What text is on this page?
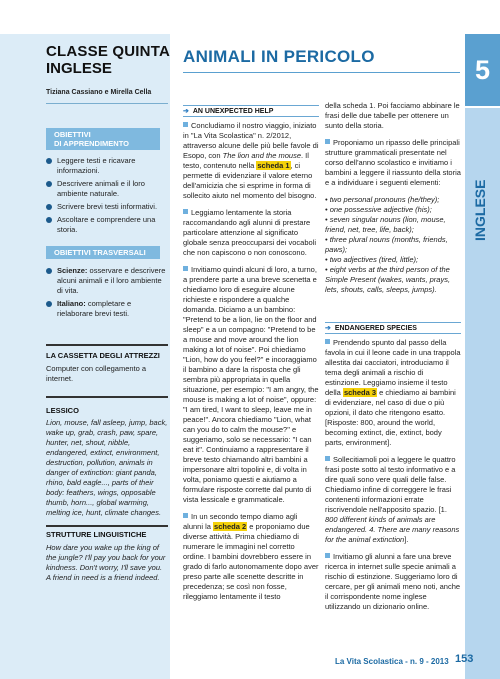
CLASSE QUINTA
INGLESE
Tiziana Cassiano e Mirella Cella
OBIETTIVI
DI APPRENDIMENTO
Leggere testi e ricavare informazioni.
Descrivere animali e il loro ambiente naturale.
Scrivere brevi testi informativi.
Ascoltare e comprendere una storia.
OBIETTIVI TRASVERSALI
Scienze: osservare e descrivere alcuni animali e il loro ambiente di vita.
Italiano: completare e rielaborare brevi testi.
LA CASSETTA DEGLI ATTREZZI
Computer con collegamento a internet.
LESSICO
Lion, mouse, fall asleep, jump, back, wake up, grab, crash, paw, spare, hunter, net, shout, nibble, endangered, extinct, environment, destruction, pollution, animals in danger of extinction: giant panda, rhino, bald eagle..., parts of their body: feathers, wings, opposable thumb, horn..., global warming, melting ice, hunt, climate changes.
STRUTTURE LINGUISTICHE
How dare you wake up the king of the jungle? I'll pay you back for your kindness. Don't worry, I'll save you. A friend in need is a friend indeed.
ANIMALI IN PERICOLO
➔ AN UNEXPECTED HELP

Concludiamo il nostro viaggio, iniziato in "La Vita Scolastica" n. 2/2012, attraverso alcune delle più belle favole di Esopo, con The lion and the mouse. Il testo, contenuto nella scheda 1, ci permette di evidenziare il valore eterno dell'amicizia che si esprime in forma di sollecito aiuto nel momento del bisogno.

Leggiamo lentamente la storia raccomandando agli alunni di prestare particolare attenzione al significato globale senza preoccuparsi dei vocaboli che non capiscono o non conoscono.

Invitiamo quindi alcuni di loro, a turno, a prendere parte a una breve scenetta e chiediamo loro di eseguire alcune richieste e rispondere a qualche domanda. Diciamo a un bambino: "Pretend to be a lion, lie on the floor and sleep" e a un compagno: "Pretend to be a mouse and move around the lion making a lot of noise". Poi chiediamo "Lion, how do you feel?" e incoraggiamo il bambino a dare la risposta che gli sembra più appropriata in quella situazione, per esempio: "I am angry, the mouse is making a lot of noise", oppure: "I am tired, I want to sleep, leave me in peace!". Ancora chiediamo "Lion, what can you do to calm the mouse?" e suggeriamo, solo se necessario: "I can eat it". Continuiamo a rappresentare il breve testo chiamando altri bambini a impersonare altri topolini e, di volta in volta, poniamo questi e aiutiamo a formulare risposte corrette dal punto di vista lessicale e grammaticale.

In un secondo tempo diamo agli alunni la scheda 2 e proponiamo due diverse attività. Prima chiediamo di numerare le immagini nel corretto ordine. I bambini dovrebbero essere in grado di farlo autonomamente dopo aver preso parte alle scenette descritte in precedenza; se così non fosse, rileggiamo lentamente il testo

della scheda 1. Poi facciamo abbinare le frasi delle due tabelle per ottenere un sunto della storia.

Proponiamo un ripasso delle principali strutture grammaticali presentate nel corso dell'anno scolastico e invitiamo i bambini a leggere il riassunto della storia e a individuare i seguenti elementi:

• two personal pronouns (he/they);
• one possessive adjective (his);
• seven singular nouns (lion, mouse, friend, net, tree, life, back);
• three plural nouns (months, friends, paws);
• two adjectives (tired, little);
• eight verbs at the third person of the Simple Present (wakes, wants, prays, lets, shouts, calls, sleeps, jumps).
➔ ENDANGERED SPECIES

Prendendo spunto dal passo della favola in cui il leone cade in una trappola allestita dai cacciatori, introduciamo il tema degli animali a rischio di estinzione. Leggiamo insieme il testo della scheda 3 e chiediamo ai bambini di evidenziare, nel caso di due o più opzioni, il dato che ritengono esatto. [Risposte: 800, around the world, becoming extinct, die, extinct, body parts, environment].

Sollecitiamoli poi a leggere le quattro frasi poste sotto al testo informativo e a dire quali sono vere quali delle false. Chiediamo infine di correggere le frasi contenenti informazioni errate riscrivendole nell'apposito spazio. [1. 800 different kinds of animals are endangered. 4. There are many reasons for the animal extinction].

Invitiamo gli alunni a fare una breve ricerca in internet sulle specie animali a rischio di estinzione. Suggeriamo loro di cercare, per gli animali meno noti, anche il corrispondente nome inglese utilizzando un dizionario online.

5
INGLESE
La Vita Scolastica - n. 9 - 2013 153
